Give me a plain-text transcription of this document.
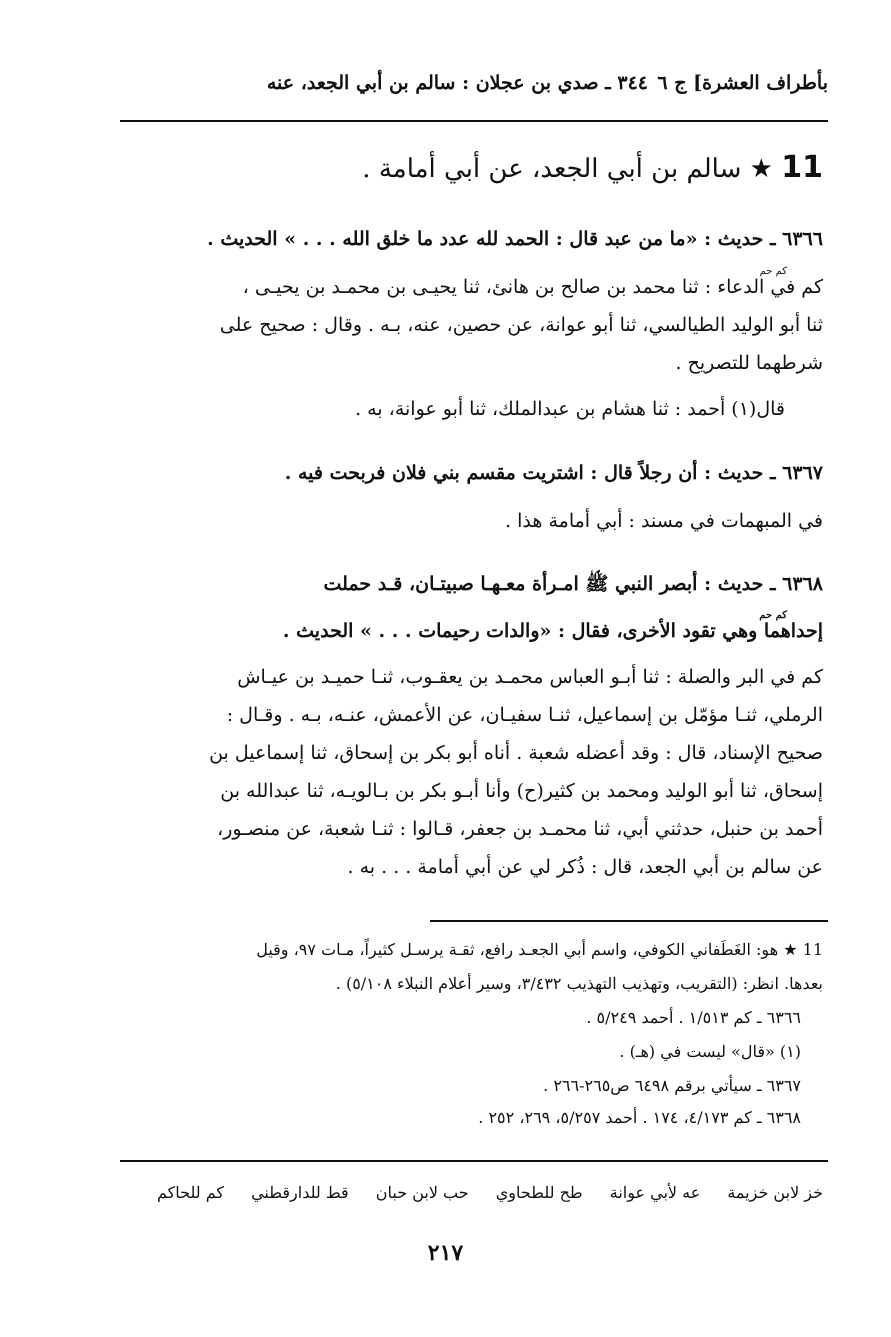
بأطراف العشرة] ج ٦
٣٤٤ ـ صدي بن عجلان : سالم بن أبي الجعد، عنه
11 ★ سالم بن أبي الجعد، عن أبي أمامة .
٦٣٦٦ ـ حديث : «ما من عبد قال : الحمد لله عدد ما خلق الله . . . » الحديث .
كم حم
كم في الدعاء : ثنا محمد بن صالح بن هانئ، ثنا يحيـى بن محمـد بن يحيـى ،
ثنا أبو الوليد الطيالسي، ثنا أبو عوانة، عن حصين، عنه، بـه . وقال : صحيح على
شرطهما للتصريح .
قال(١) أحمد : ثنا هشام بن عبدالملك، ثنا أبو عوانة، به .
٦٣٦٧ ـ حديث : أن رجلاً قال : اشتريت مقسم بني فلان فربحت فيه .
في المبهمات في مسند : أبي أمامة هذا .
٦٣٦٨ ـ حديث : أبصر النبي ﷺ امـرأة معـهـا صبيتـان، قـد حملت
كم حم
إحداهما وهي تقود الأخرى، فقال : «والدات رحيمات . . . » الحديث .
كم في البر والصلة : ثنا أبـو العباس محمـد بن يعقـوب، ثنـا حميـد بن عيـاش
الرملي، ثنـا مؤمّل بن إسماعيل، ثنـا سفيـان، عن الأعمش، عنـه، بـه . وقـال :
صحيح الإسناد، قال : وقد أعضله شعبة . أناه أبو بكر بن إسحاق، ثنا إسماعيل بن
إسحاق، ثنا أبو الوليد ومحمد بن كثير(ح) وأنا أبـو بكر بن بـالويـه، ثنا عبدالله بن
أحمد بن حنبل، حدثني أبي، ثنا محمـد بن جعفر، قـالوا : ثنـا شعبة، عن منصـور،
عن سالم بن أبي الجعد، قال : ذُكر لي عن أبي أمامة . . . به .
11 ★ هو: الغَطَفاني الكوفي، واسم أبي الجعـد رافع، ثقـة يرسـل كثيراً، مـات ٩٧، وقيل
بعدها. انظر: (التقريب، وتهذيب التهذيب ٣/٤٣٢، وسير أعلام النبلاء ٥/١٠٨) .
٦٣٦٦ ـ كم ١/٥١٣ . أحمد ٥/٢٤٩ .
(١) «قال» ليست في (هـ) .
٦٣٦٧ ـ سيأتي برقم ٦٤٩٨ ص٢٦٥-٢٦٦ .
٦٣٦٨ ـ كم ٤/١٧٣، ١٧٤ . أحمد ٥/٢٥٧، ٢٦٩، ٢٥٢ .
خز لابن خزيمة عه لأبي عوانة طح للطحاوي حب لابن حبان قط للدارقطني كم للحاكم
٢١٧
